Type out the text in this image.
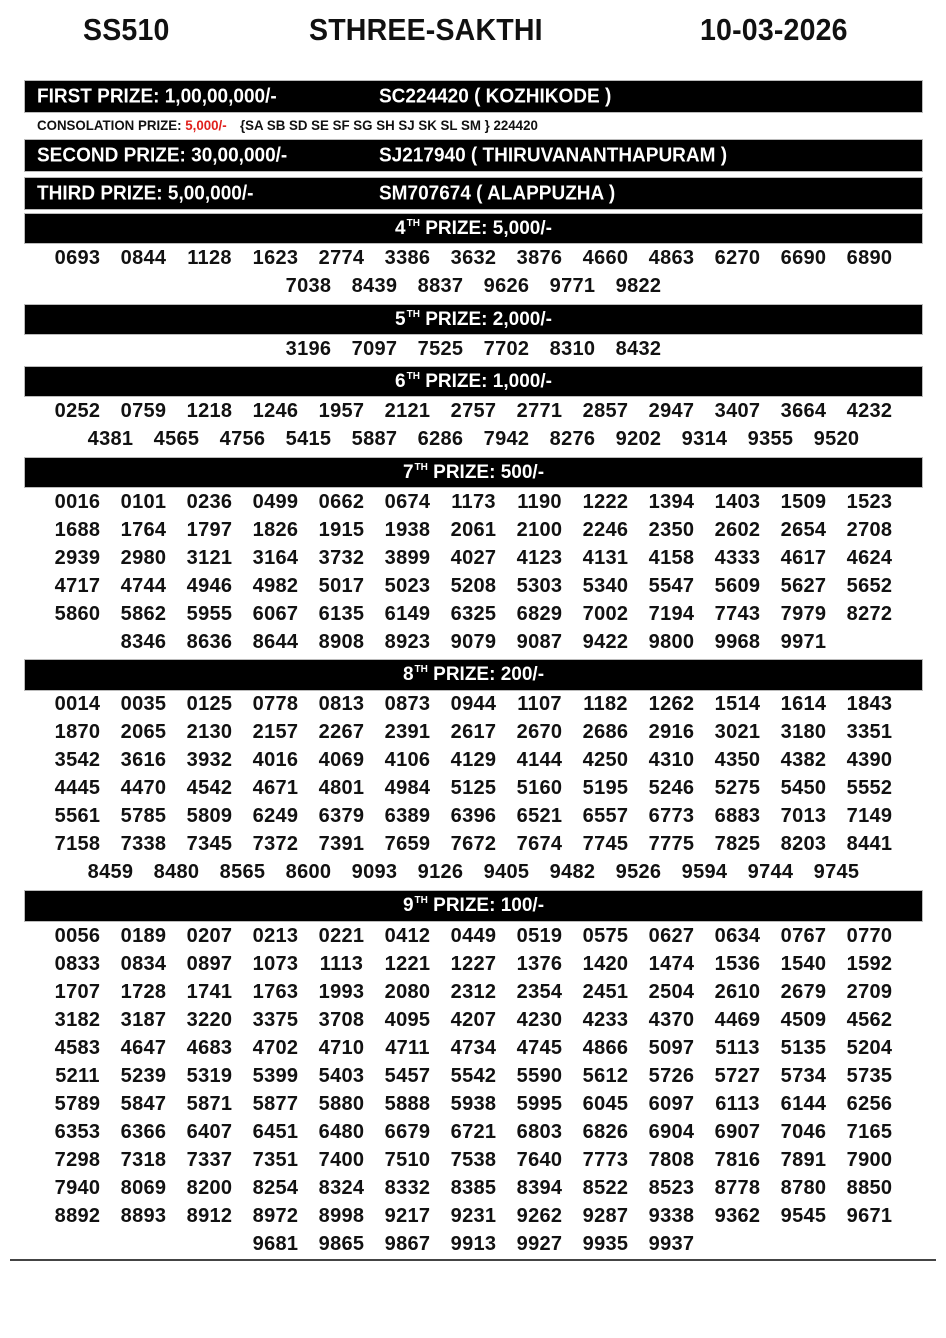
SS510	STHREE-SAKTHI	10-03-2026
FIRST PRIZE: 1,00,00,000/-	SC224420 ( KOZHIKODE )
CONSOLATION PRIZE: 5,000/- {SA SB SD SE SF SG SH SJ SK SL SM } 224420
SECOND PRIZE: 30,00,000/-	SJ217940 ( THIRUVANANTHAPURAM )
THIRD PRIZE: 5,00,000/-	SM707674 ( ALAPPUZHA )
4TH PRIZE: 5,000/-
0693	0844	1128	1623	2774	3386	3632	3876	4660	4863	6270	6690	6890
7038	8439	8837	9626	9771	9822
5TH PRIZE: 2,000/-
3196	7097	7525	7702	8310	8432
6TH PRIZE: 1,000/-
0252	0759	1218	1246	1957	2121	2757	2771	2857	2947	3407	3664	4232
4381	4565	4756	5415	5887	6286	7942	8276	9202	9314	9355	9520
7TH PRIZE: 500/-
0016	0101	0236	0499	0662	0674	1173	1190	1222	1394	1403	1509	1523
1688	1764	1797	1826	1915	1938	2061	2100	2246	2350	2602	2654	2708
2939	2980	3121	3164	3732	3899	4027	4123	4131	4158	4333	4617	4624
4717	4744	4946	4982	5017	5023	5208	5303	5340	5547	5609	5627	5652
5860	5862	5955	6067	6135	6149	6325	6829	7002	7194	7743	7979	8272
8346	8636	8644	8908	8923	9079	9087	9422	9800	9968	9971
8TH PRIZE: 200/-
0014	0035	0125	0778	0813	0873	0944	1107	1182	1262	1514	1614	1843
1870	2065	2130	2157	2267	2391	2617	2670	2686	2916	3021	3180	3351
3542	3616	3932	4016	4069	4106	4129	4144	4250	4310	4350	4382	4390
4445	4470	4542	4671	4801	4984	5125	5160	5195	5246	5275	5450	5552
5561	5785	5809	6249	6379	6389	6396	6521	6557	6773	6883	7013	7149
7158	7338	7345	7372	7391	7659	7672	7674	7745	7775	7825	8203	8441
8459	8480	8565	8600	9093	9126	9405	9482	9526	9594	9744	9745
9TH PRIZE: 100/-
0056	0189	0207	0213	0221	0412	0449	0519	0575	0627	0634	0767	0770
0833	0834	0897	1073	1113	1221	1227	1376	1420	1474	1536	1540	1592
1707	1728	1741	1763	1993	2080	2312	2354	2451	2504	2610	2679	2709
3182	3187	3220	3375	3708	4095	4207	4230	4233	4370	4469	4509	4562
4583	4647	4683	4702	4710	4711	4734	4745	4866	5097	5113	5135	5204
5211	5239	5319	5399	5403	5457	5542	5590	5612	5726	5727	5734	5735
5789	5847	5871	5877	5880	5888	5938	5995	6045	6097	6113	6144	6256
6353	6366	6407	6451	6480	6679	6721	6803	6826	6904	6907	7046	7165
7298	7318	7337	7351	7400	7510	7538	7640	7773	7808	7816	7891	7900
7940	8069	8200	8254	8324	8332	8385	8394	8522	8523	8778	8780	8850
8892	8893	8912	8972	8998	9217	9231	9262	9287	9338	9362	9545	9671
9681	9865	9867	9913	9927	9935	9937
